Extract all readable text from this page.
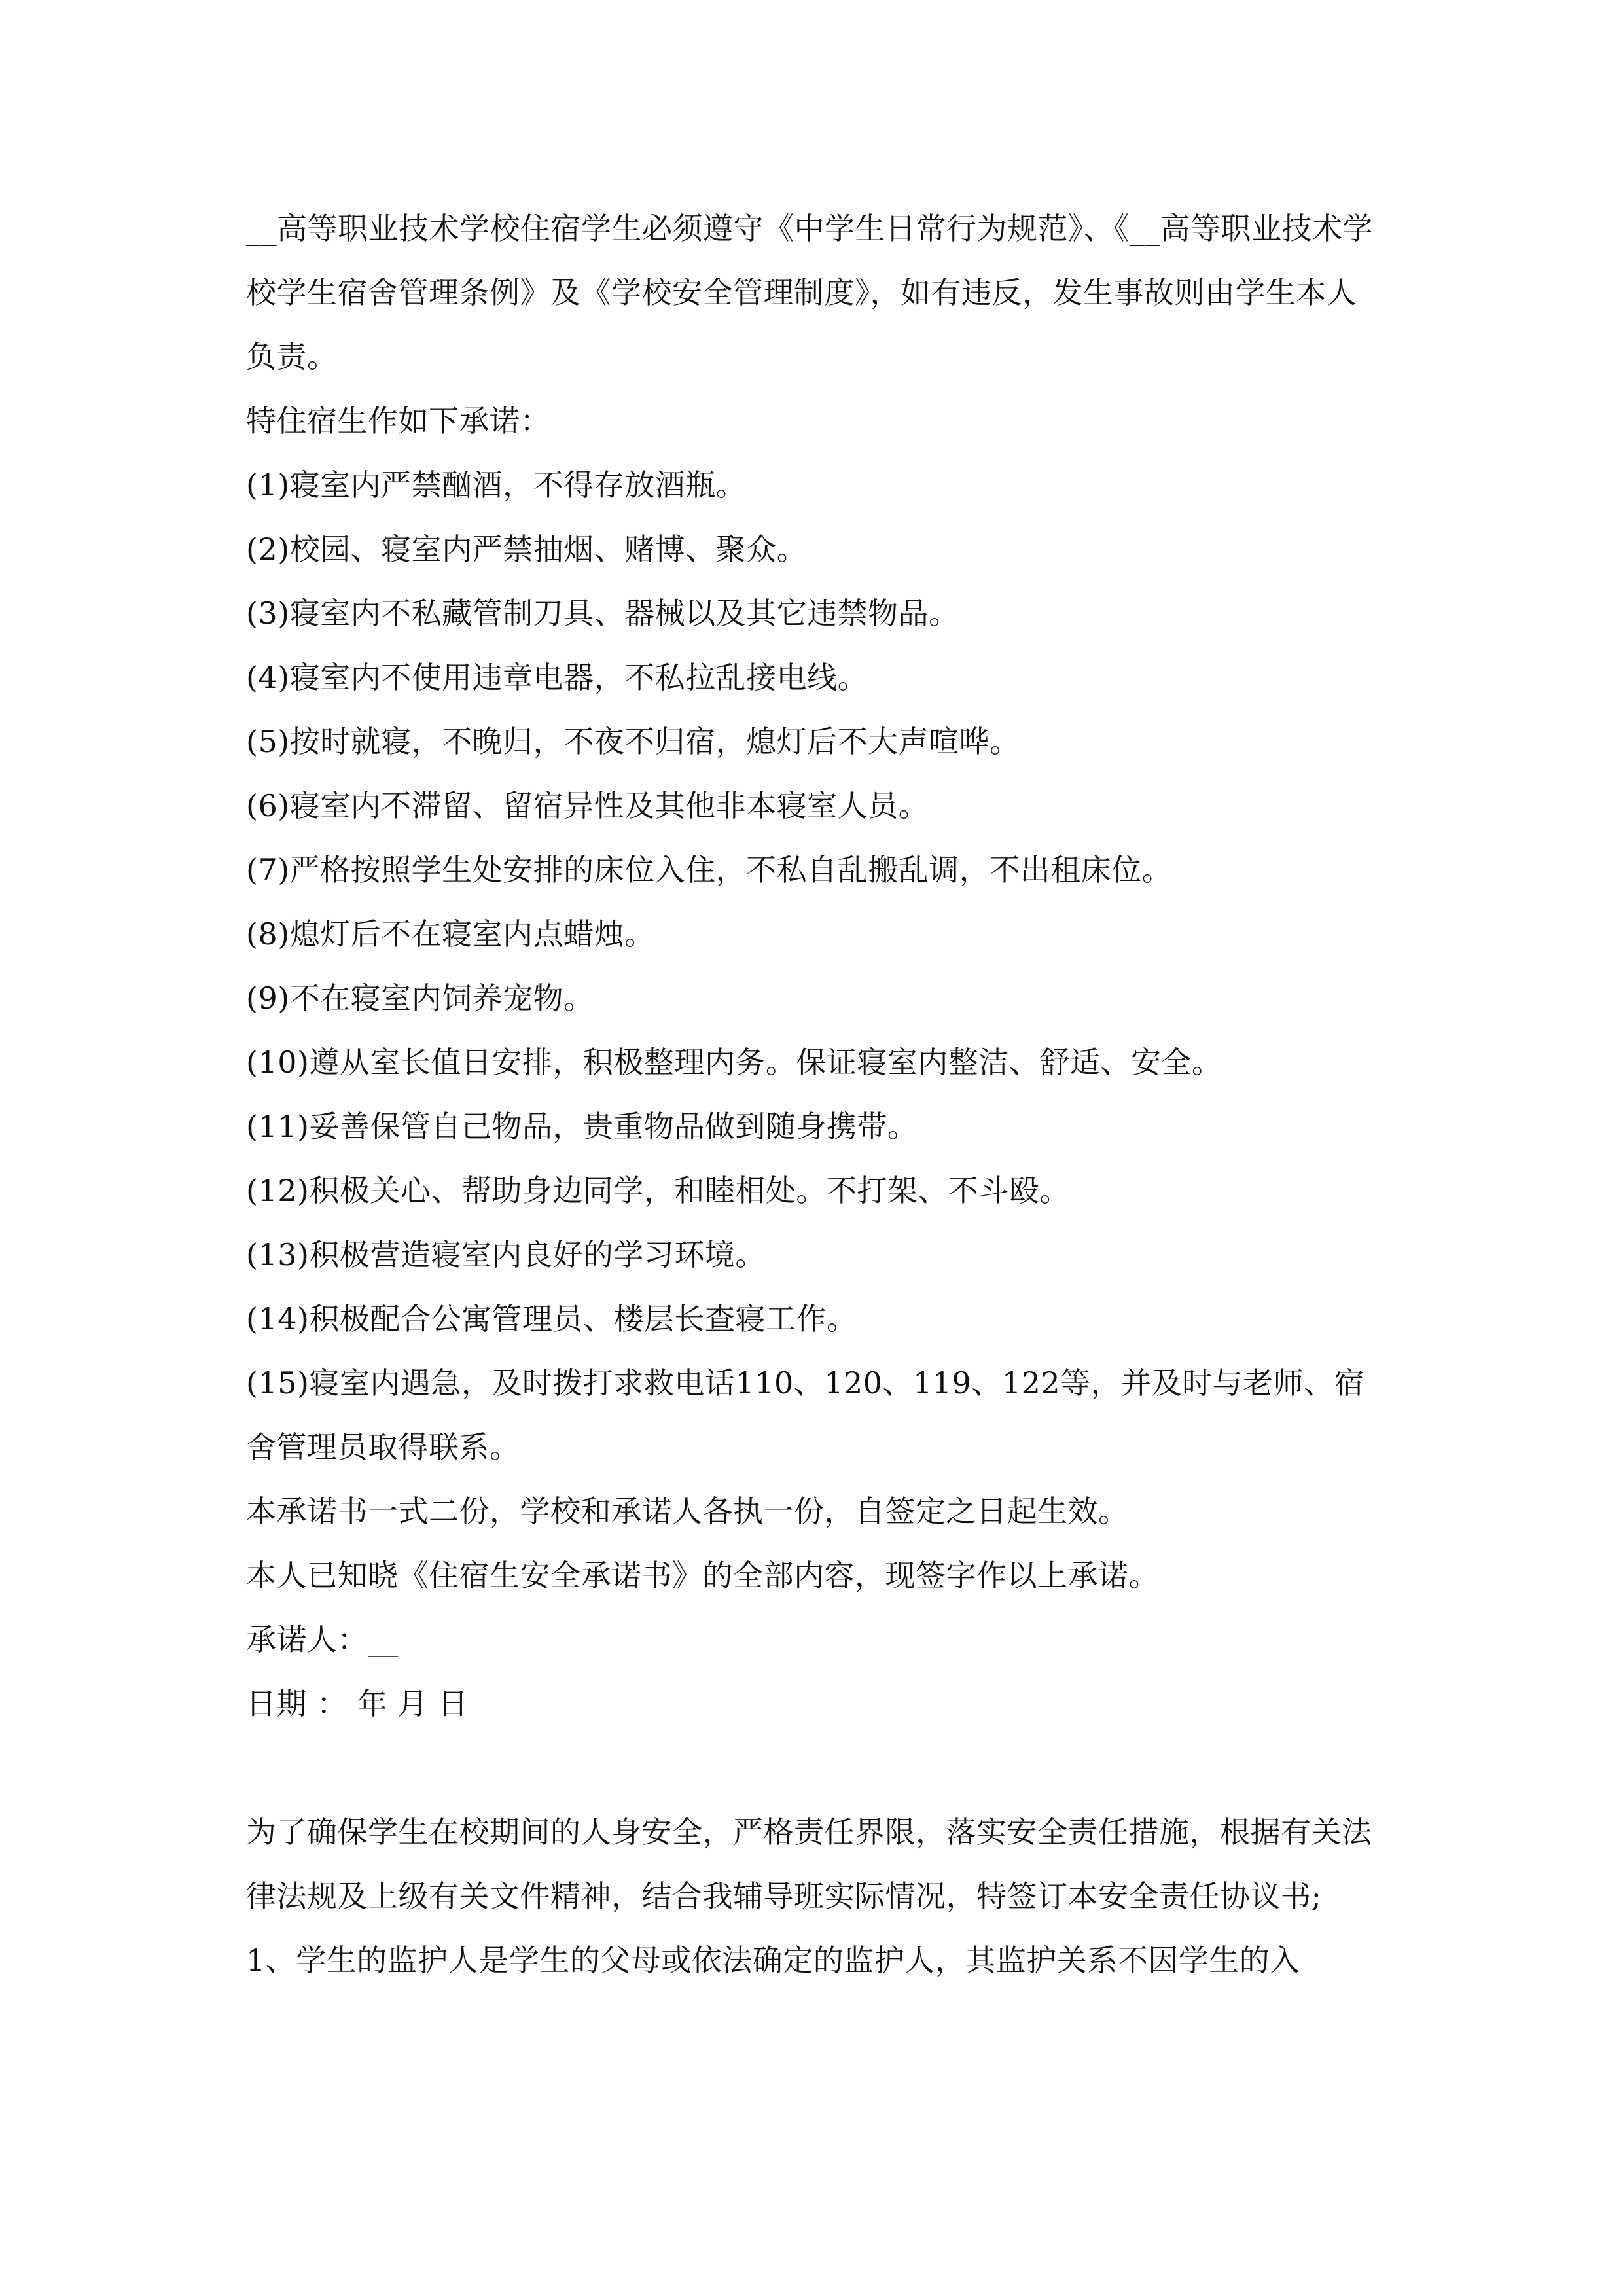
__高等职业技术学校住宿学生必须遵守《中学生日常行为规范》、《__高等职业技术学校学生宿舍管理条例》及《学校安全管理制度》，如有违反，发生事故则由学生本人负责。

特住宿生作如下承诺：

(1)寝室内严禁酗酒，不得存放酒瓶。

(2)校园、寝室内严禁抽烟、赌博、聚众。

(3)寝室内不私藏管制刀具、器械以及其它违禁物品。

(4)寝室内不使用违章电器，不私拉乱接电线。

(5)按时就寝，不晚归，不夜不归宿，熄灯后不大声喧哗。

(6)寝室内不滞留、留宿异性及其他非本寝室人员。

(7)严格按照学生处安排的床位入住，不私自乱搬乱调，不出租床位。

(8)熄灯后不在寝室内点蜡烛。

(9)不在寝室内饲养宠物。

(10)遵从室长值日安排，积极整理内务。保证寝室内整洁、舒适、安全。

(11)妥善保管自己物品，贵重物品做到随身携带。

(12)积极关心、帮助身边同学，和睦相处。不打架、不斗殴。

(13)积极营造寝室内良好的学习环境。

(14)积极配合公寓管理员、楼层长查寝工作。

(15)寝室内遇急，及时拨打求救电话110、120、119、122等，并及时与老师、宿舍管理员取得联系。

本承诺书一式二份，学校和承诺人各执一份，自签定之日起生效。

本人已知晓《住宿生安全承诺书》的全部内容，现签字作以上承诺。

承诺人：__

日期 ： 年 月 日

为了确保学生在校期间的人身安全，严格责任界限，落实安全责任措施，根据有关法律法规及上级有关文件精神，结合我辅导班实际情况，特签订本安全责任协议书;

1、学生的监护人是学生的父母或依法确定的监护人，其监护关系不因学生的入
